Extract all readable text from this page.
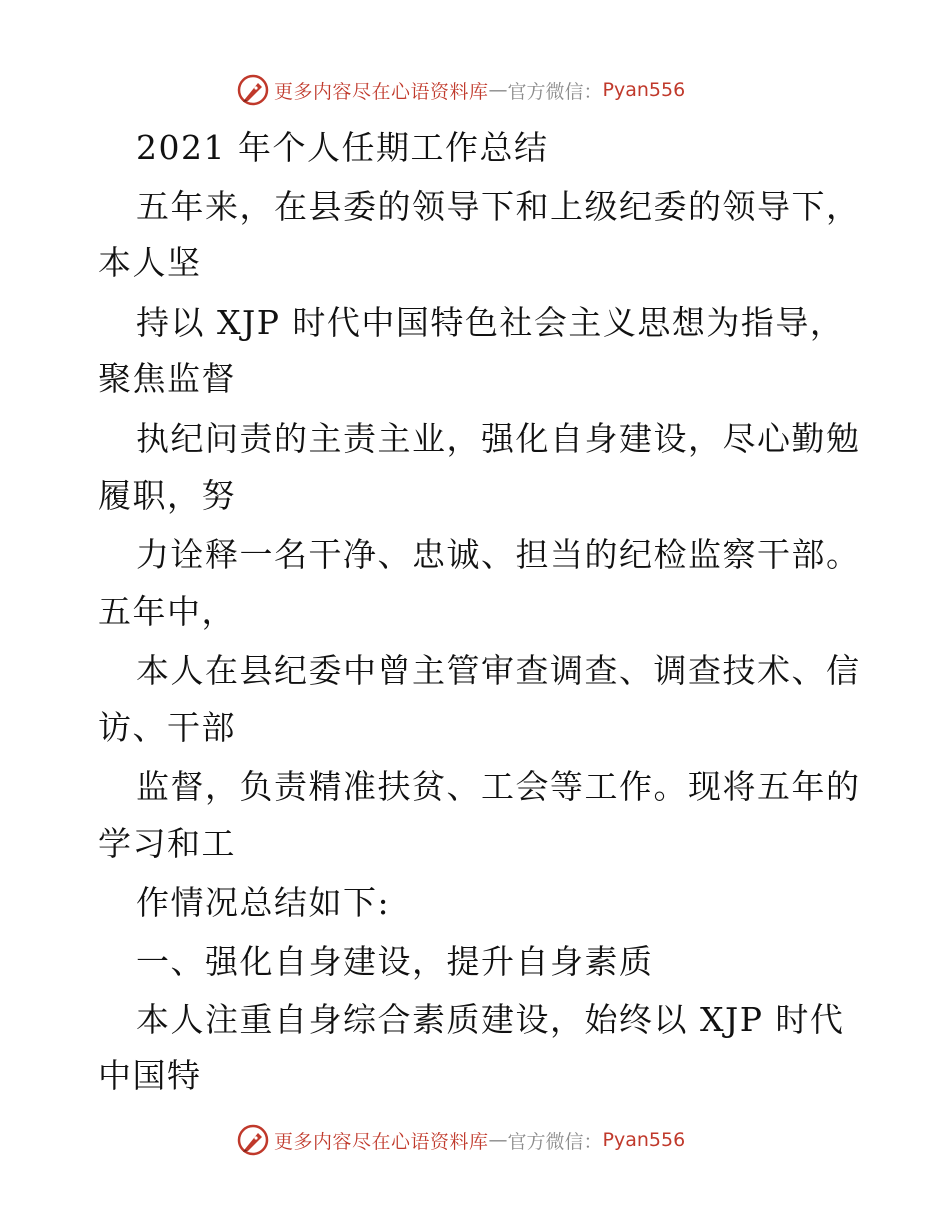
更多内容尽在心语资料库 — 官方微信： Pyan556
2021 年个人任期工作总结
五年来，在县委的领导下和上级纪委的领导下，
本人坚
持以 XJP 时代中国特色社会主义思想为指导，
聚焦监督
执纪问责的主责主业，强化自身建设，尽心勤勉
履职，努
力诠释一名干净、忠诚、担当的纪检监察干部。
五年中，
本人在县纪委中曾主管审查调查、调查技术、信
访、干部
监督，负责精准扶贫、工会等工作。现将五年的
学习和工
作情况总结如下:
一、强化自身建设，提升自身素质
本人注重自身综合素质建设，始终以 XJP 时代
中国特
更多内容尽在心语资料库 — 官方微信： Pyan556
